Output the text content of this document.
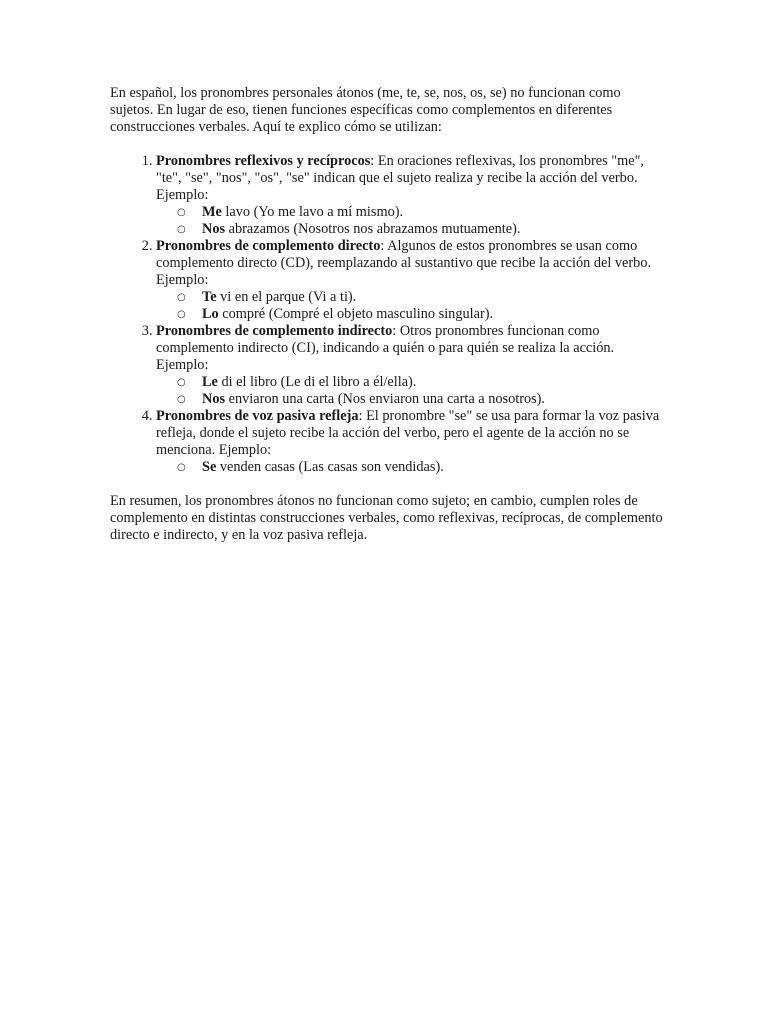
En español, los pronombres personales átonos (me, te, se, nos, os, se) no funcionan como sujetos. En lugar de eso, tienen funciones específicas como complementos en diferentes construcciones verbales. Aquí te explico cómo se utilizan:

1. Pronombres reflexivos y recíprocos: En oraciones reflexivas, los pronombres "me", "te", "se", "nos", "os", "se" indican que el sujeto realiza y recibe la acción del verbo. Ejemplo:
○ Me lavo (Yo me lavo a mí mismo).
○ Nos abrazamos (Nosotros nos abrazamos mutuamente).
2. Pronombres de complemento directo: Algunos de estos pronombres se usan como complemento directo (CD), reemplazando al sustantivo que recibe la acción del verbo. Ejemplo:
○ Te vi en el parque (Vi a ti).
○ Lo compré (Compré el objeto masculino singular).
3. Pronombres de complemento indirecto: Otros pronombres funcionan como complemento indirecto (CI), indicando a quién o para quién se realiza la acción. Ejemplo:
○ Le di el libro (Le di el libro a él/ella).
○ Nos enviaron una carta (Nos enviaron una carta a nosotros).
4. Pronombres de voz pasiva refleja: El pronombre "se" se usa para formar la voz pasiva refleja, donde el sujeto recibe la acción del verbo, pero el agente de la acción no se menciona. Ejemplo:
○ Se venden casas (Las casas son vendidas).

En resumen, los pronombres átonos no funcionan como sujeto; en cambio, cumplen roles de complemento en distintas construcciones verbales, como reflexivas, recíprocas, de complemento directo e indirecto, y en la voz pasiva refleja.
